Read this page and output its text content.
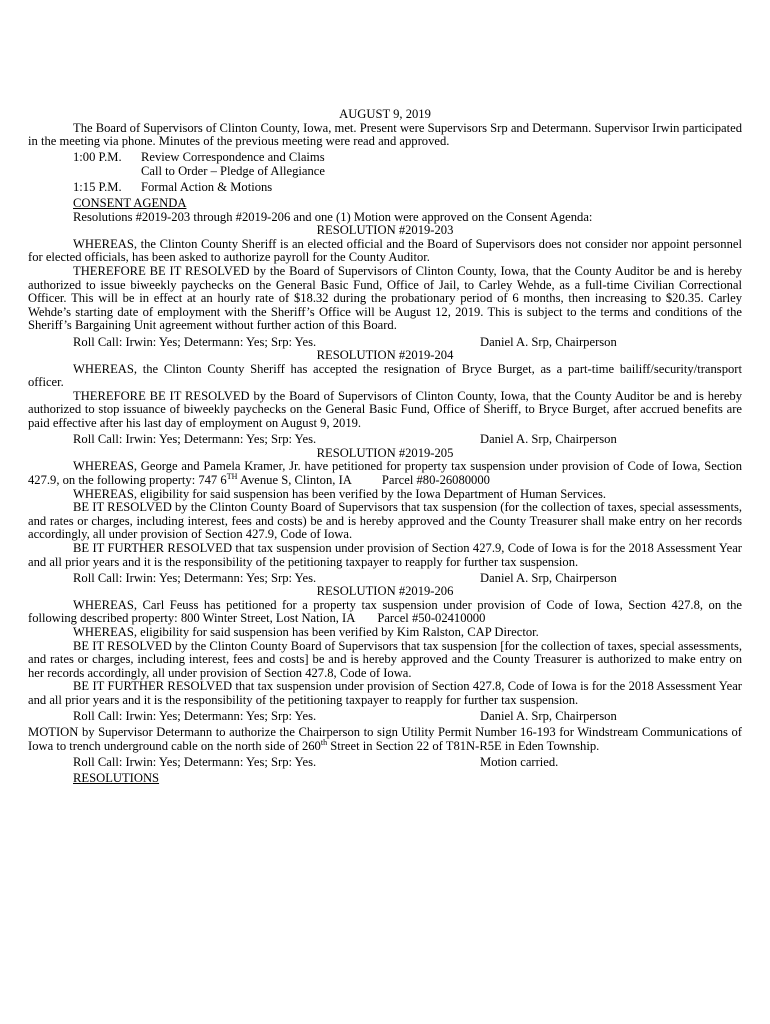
AUGUST 9, 2019

The Board of Supervisors of Clinton County, Iowa, met. Present were Supervisors Srp and Determann. Supervisor Irwin participated in the meeting via phone. Minutes of the previous meeting were read and approved.

1:00 P.M.	Review Correspondence and Claims
Call to Order – Pledge of Allegiance
1:15 P.M.	Formal Action & Motions

CONSENT AGENDA

Resolutions #2019-203 through #2019-206 and one (1) Motion were approved on the Consent Agenda:

RESOLUTION #2019-203

WHEREAS, the Clinton County Sheriff is an elected official and the Board of Supervisors does not consider nor appoint personnel for elected officials, has been asked to authorize payroll for the County Auditor.

THEREFORE BE IT RESOLVED by the Board of Supervisors of Clinton County, Iowa, that the County Auditor be and is hereby authorized to issue biweekly paychecks on the General Basic Fund, Office of Jail, to Carley Wehde, as a full-time Civilian Correctional Officer. This will be in effect at an hourly rate of $18.32 during the probationary period of 6 months, then increasing to $20.35. Carley Wehde’s starting date of employment with the Sheriff’s Office will be August 12, 2019. This is subject to the terms and conditions of the Sheriff’s Bargaining Unit agreement without further action of this Board.

Roll Call: Irwin: Yes; Determann: Yes; Srp: Yes.	Daniel A. Srp, Chairperson

RESOLUTION #2019-204

WHEREAS, the Clinton County Sheriff has accepted the resignation of Bryce Burget, as a part-time bailiff/security/transport officer.

THEREFORE BE IT RESOLVED by the Board of Supervisors of Clinton County, Iowa, that the County Auditor be and is hereby authorized to stop issuance of biweekly paychecks on the General Basic Fund, Office of Sheriff, to Bryce Burget, after accrued benefits are paid effective after his last day of employment on August 9, 2019.

Roll Call: Irwin: Yes; Determann: Yes; Srp: Yes.	Daniel A. Srp, Chairperson

RESOLUTION #2019-205

WHEREAS, George and Pamela Kramer, Jr. have petitioned for property tax suspension under provision of Code of Iowa, Section 427.9, on the following property: 747 6TH Avenue S, Clinton, IA Parcel #80-26080000

WHEREAS, eligibility for said suspension has been verified by the Iowa Department of Human Services.

BE IT RESOLVED by the Clinton County Board of Supervisors that tax suspension (for the collection of taxes, special assessments, and rates or charges, including interest, fees and costs) be and is hereby approved and the County Treasurer shall make entry on her records accordingly, all under provision of Section 427.9, Code of Iowa.

BE IT FURTHER RESOLVED that tax suspension under provision of Section 427.9, Code of Iowa is for the 2018 Assessment Year and all prior years and it is the responsibility of the petitioning taxpayer to reapply for further tax suspension.

Roll Call: Irwin: Yes; Determann: Yes; Srp: Yes.	Daniel A. Srp, Chairperson

RESOLUTION #2019-206

WHEREAS, Carl Feuss has petitioned for a property tax suspension under provision of Code of Iowa, Section 427.8, on the following described property: 800 Winter Street, Lost Nation, IA Parcel #50-02410000

WHEREAS, eligibility for said suspension has been verified by Kim Ralston, CAP Director.

BE IT RESOLVED by the Clinton County Board of Supervisors that tax suspension [for the collection of taxes, special assessments, and rates or charges, including interest, fees and costs] be and is hereby approved and the County Treasurer is authorized to make entry on her records accordingly, all under provision of Section 427.8, Code of Iowa.

BE IT FURTHER RESOLVED that tax suspension under provision of Section 427.8, Code of Iowa is for the 2018 Assessment Year and all prior years and it is the responsibility of the petitioning taxpayer to reapply for further tax suspension.

Roll Call: Irwin: Yes; Determann: Yes; Srp: Yes.	Daniel A. Srp, Chairperson

MOTION by Supervisor Determann to authorize the Chairperson to sign Utility Permit Number 16-193 for Windstream Communications of Iowa to trench underground cable on the north side of 260th Street in Section 22 of T81N-R5E in Eden Township.

Roll Call: Irwin: Yes; Determann: Yes; Srp: Yes.	Motion carried.

RESOLUTIONS
